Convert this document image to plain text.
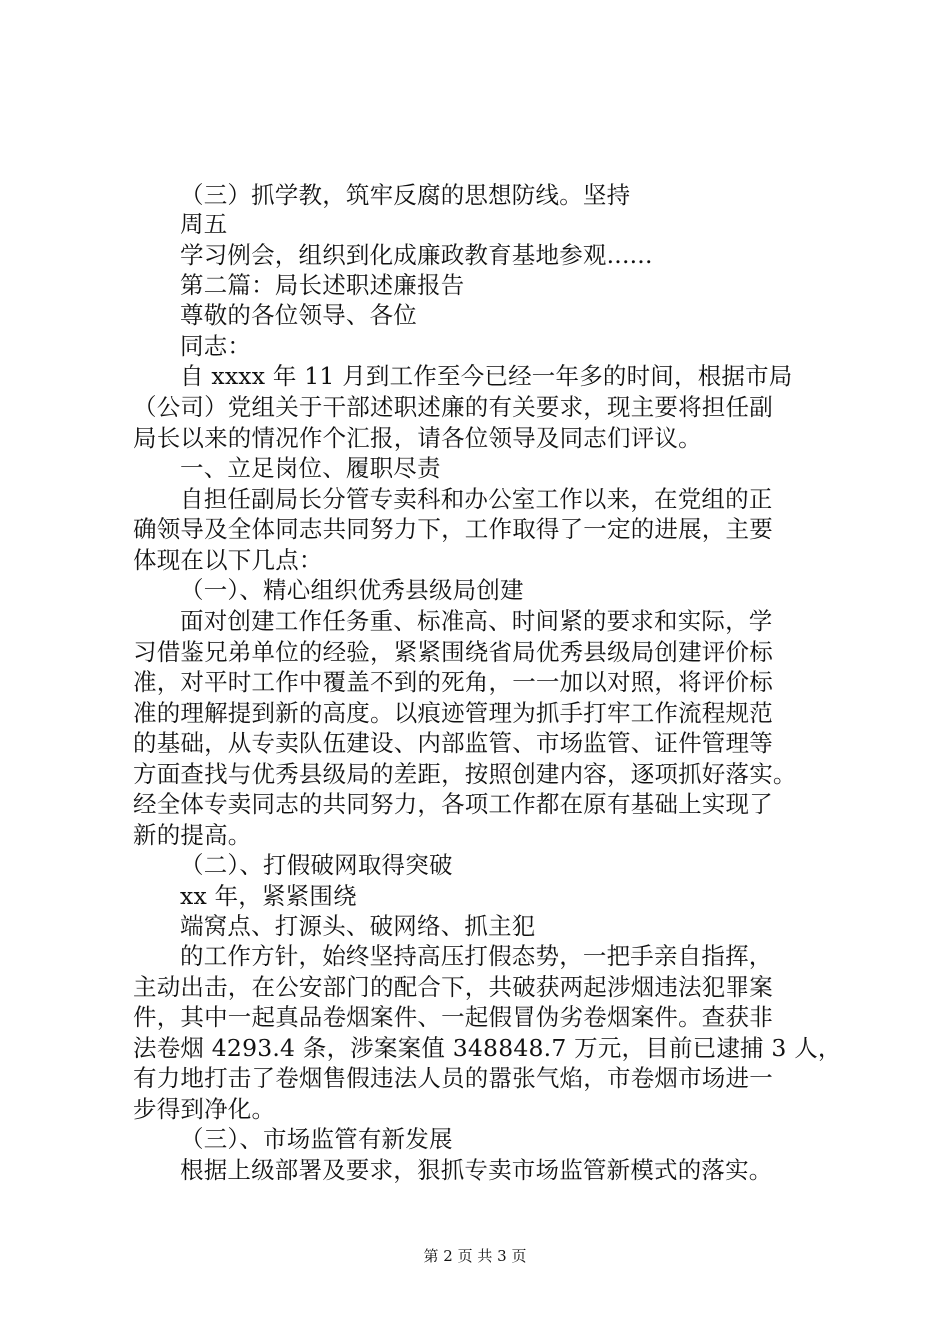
（三）抓学教，筑牢反腐的思想防线。坚持
周五
学习例会，组织到化成廉政教育基地参观......
第二篇：局长述职述廉报告
尊敬的各位领导、各位
同志：
自 xxxx 年 11 月到工作至今已经一年多的时间，根据市局
（公司）党组关于干部述职述廉的有关要求，现主要将担任副
局长以来的情况作个汇报，请各位领导及同志们评议。
一、立足岗位、履职尽责
自担任副局长分管专卖科和办公室工作以来，在党组的正
确领导及全体同志共同努力下，工作取得了一定的进展，主要
体现在以下几点：
（一）、精心组织优秀县级局创建
面对创建工作任务重、标准高、时间紧的要求和实际，学
习借鉴兄弟单位的经验，紧紧围绕省局优秀县级局创建评价标
准，对平时工作中覆盖不到的死角，一一加以对照，将评价标
准的理解提到新的高度。以痕迹管理为抓手打牢工作流程规范
的基础，从专卖队伍建设、内部监管、市场监管、证件管理等
方面查找与优秀县级局的差距，按照创建内容，逐项抓好落实。
经全体专卖同志的共同努力，各项工作都在原有基础上实现了
新的提高。
（二）、打假破网取得突破
xx 年，紧紧围绕
端窝点、打源头、破网络、抓主犯
的工作方针，始终坚持高压打假态势，一把手亲自指挥，
主动出击，在公安部门的配合下，共破获两起涉烟违法犯罪案
件，其中一起真品卷烟案件、一起假冒伪劣卷烟案件。查获非
法卷烟 4293.4 条，涉案案值 348848.7 万元，目前已逮捕 3 人，
有力地打击了卷烟售假违法人员的嚣张气焰，市卷烟市场进一
步得到净化。
（三）、市场监管有新发展
根据上级部署及要求，狠抓专卖市场监管新模式的落实。
第 2 页 共 3 页
